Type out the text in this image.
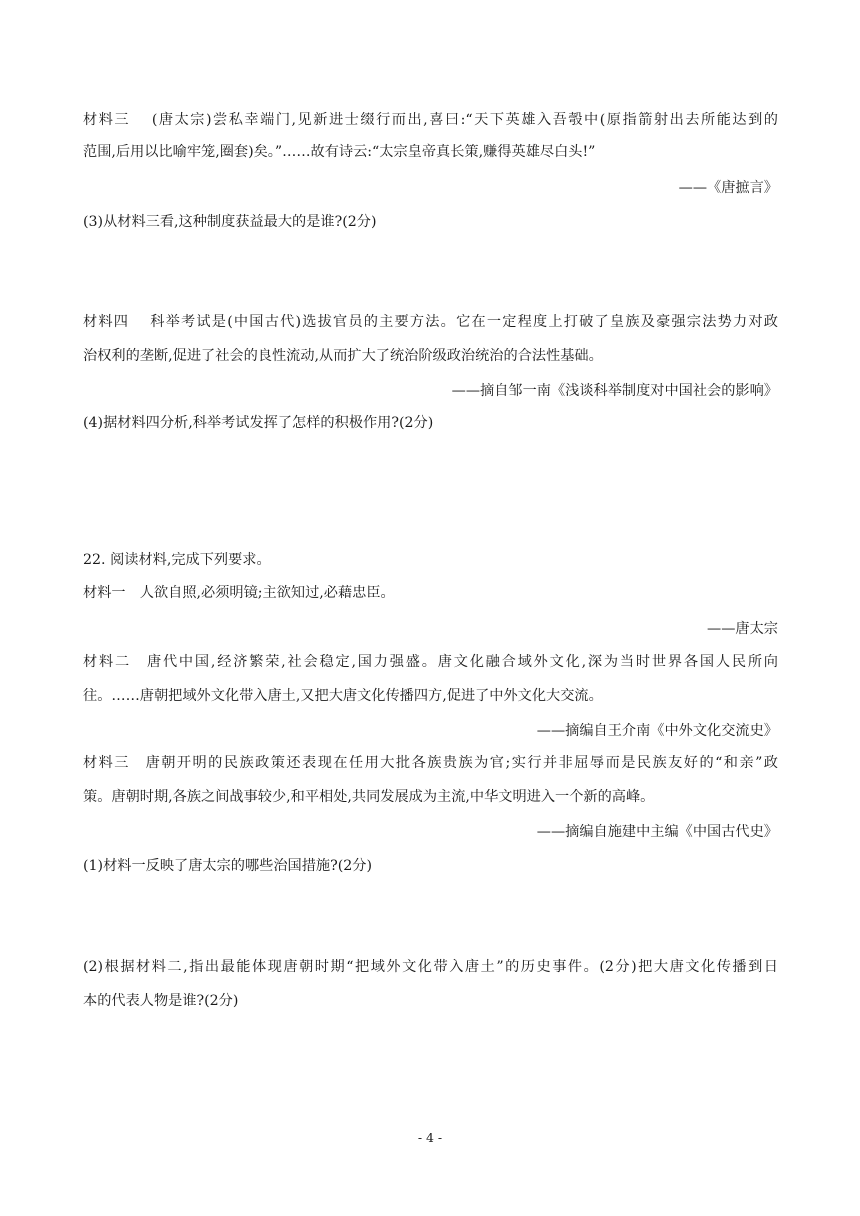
材料三　 (唐太宗)尝私幸端门,见新进士缀行而出,喜曰:“天下英雄入吾彀中(原指箭射出去所能达到的
范围,后用以比喻牢笼,圈套)矣。”……故有诗云:“太宗皇帝真长策,赚得英雄尽白头!”
——《唐摭言》
(3)从材料三看,这种制度获益最大的是谁?(2分)
材料四　 科举考试是(中国古代)选拔官员的主要方法。它在一定程度上打破了皇族及豪强宗法势力对政
治权利的垄断,促进了社会的良性流动,从而扩大了统治阶级政治统治的合法性基础。
——摘自邹一南《浅谈科举制度对中国社会的影响》
(4)据材料四分析,科举考试发挥了怎样的积极作用?(2分)
22. 阅读材料,完成下列要求。
材料一　人欲自照,必须明镜;主欲知过,必藉忠臣。
——唐太宗
材料二　唐代中国,经济繁荣,社会稳定,国力强盛。唐文化融合域外文化,深为当时世界各国人民所向
往。……唐朝把域外文化带入唐土,又把大唐文化传播四方,促进了中外文化大交流。
——摘编自王介南《中外文化交流史》
材料三　唐朝开明的民族政策还表现在任用大批各族贵族为官;实行并非屈辱而是民族友好的“和亲”政
策。唐朝时期,各族之间战事较少,和平相处,共同发展成为主流,中华文明进入一个新的高峰。
——摘编自施建中主编《中国古代史》
(1)材料一反映了唐太宗的哪些治国措施?(2分)
(2)根据材料二,指出最能体现唐朝时期“把域外文化带入唐土”的历史事件。(2分)把大唐文化传播到日
本的代表人物是谁?(2分)
- 4 -
